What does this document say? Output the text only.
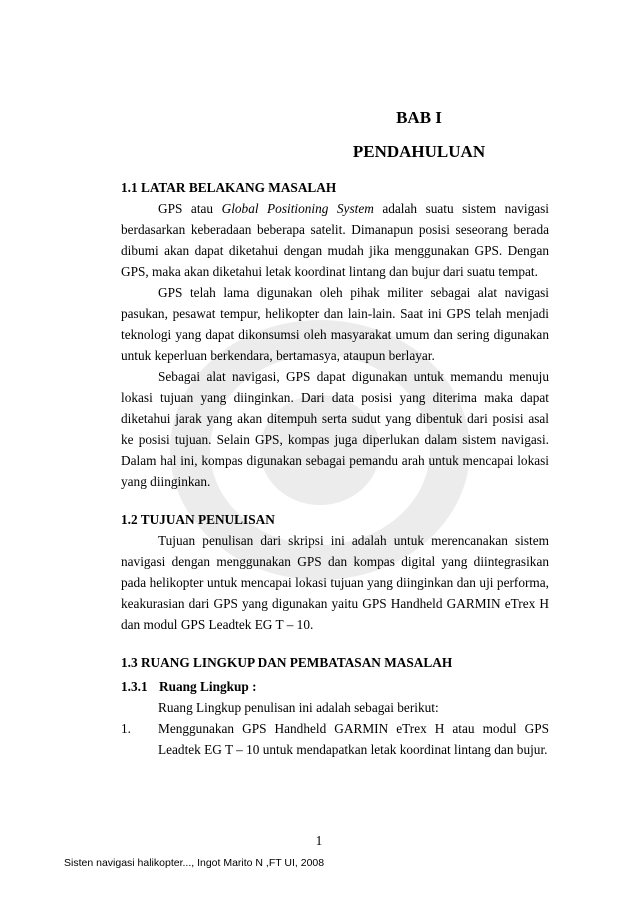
BAB I
PENDAHULUAN
1.1 LATAR BELAKANG MASALAH

GPS atau Global Positioning System adalah suatu sistem navigasi berdasarkan keberadaan beberapa satelit. Dimanapun posisi seseorang berada dibumi akan dapat diketahui dengan mudah jika menggunakan GPS. Dengan GPS, maka akan diketahui letak koordinat lintang dan bujur dari suatu tempat.

GPS telah lama digunakan oleh pihak militer sebagai alat navigasi pasukan, pesawat tempur, helikopter dan lain-lain. Saat ini GPS telah menjadi teknologi yang dapat dikonsumsi oleh masyarakat umum dan sering digunakan untuk keperluan berkendara, bertamasya, ataupun berlayar.

Sebagai alat navigasi, GPS dapat digunakan untuk memandu menuju lokasi tujuan yang diinginkan. Dari data posisi yang diterima maka dapat diketahui jarak yang akan ditempuh serta sudut yang dibentuk dari posisi asal ke posisi tujuan. Selain GPS, kompas juga diperlukan dalam sistem navigasi. Dalam hal ini, kompas digunakan sebagai pemandu arah untuk mencapai lokasi yang diinginkan.

1.2 TUJUAN PENULISAN

Tujuan penulisan dari skripsi ini adalah untuk merencanakan sistem navigasi dengan menggunakan GPS dan kompas digital yang diintegrasikan pada helikopter untuk mencapai lokasi tujuan yang diinginkan dan uji performa, keakurasian dari GPS yang digunakan yaitu GPS Handheld GARMIN eTrex H dan modul GPS Leadtek EG T – 10.

1.3 RUANG LINGKUP DAN PEMBATASAN MASALAH
1.3.1 Ruang Lingkup :

Ruang Lingkup penulisan ini adalah sebagai berikut:

1. Menggunakan GPS Handheld GARMIN eTrex H atau modul GPS Leadtek EG T – 10 untuk mendapatkan letak koordinat lintang dan bujur.

1
Sisten navigasi halikopter..., Ingot Marito N ,FT UI, 2008
